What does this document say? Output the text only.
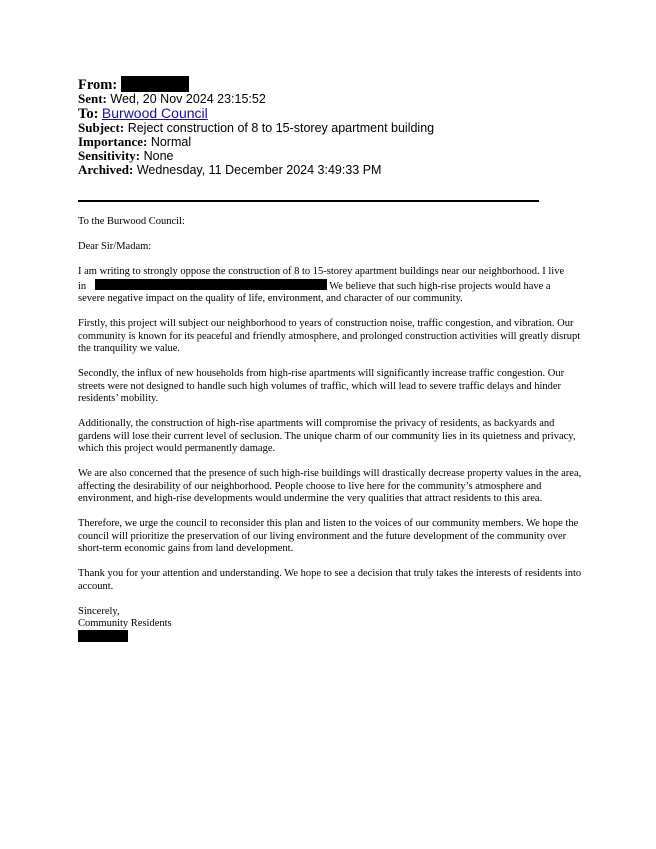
From:
Sent: Wed, 20 Nov 2024 23:15:52
To: Burwood Council
Subject: Reject construction of 8 to 15-storey apartment building
Importance: Normal
Sensitivity: None
Archived: Wednesday, 11 December 2024 3:49:33 PM

To the Burwood Council:

Dear Sir/Madam:

I am writing to strongly oppose the construction of 8 to 15-storey apartment buildings near our neighborhood. I live
in	We believe that such high-rise projects would have a
severe negative impact on the quality of life, environment, and character of our community.

Firstly, this project will subject our neighborhood to years of construction noise, traffic congestion, and vibration. Our community is known for its peaceful and friendly atmosphere, and prolonged construction activities will greatly disrupt the tranquility we value.

Secondly, the influx of new households from high-rise apartments will significantly increase traffic congestion. Our streets were not designed to handle such high volumes of traffic, which will lead to severe traffic delays and hinder residents’ mobility.

Additionally, the construction of high-rise apartments will compromise the privacy of residents, as backyards and gardens will lose their current level of seclusion. The unique charm of our community lies in its quietness and privacy, which this project would permanently damage.

We are also concerned that the presence of such high-rise buildings will drastically decrease property values in the area, affecting the desirability of our neighborhood. People choose to live here for the community’s atmosphere and environment, and high-rise developments would undermine the very qualities that attract residents to this area.

Therefore, we urge the council to reconsider this plan and listen to the voices of our community members. We hope the council will prioritize the preservation of our living environment and the future development of the community over short-term economic gains from land development.

Thank you for your attention and understanding. We hope to see a decision that truly takes the interests of residents into account.

Sincerely,
Community Residents
